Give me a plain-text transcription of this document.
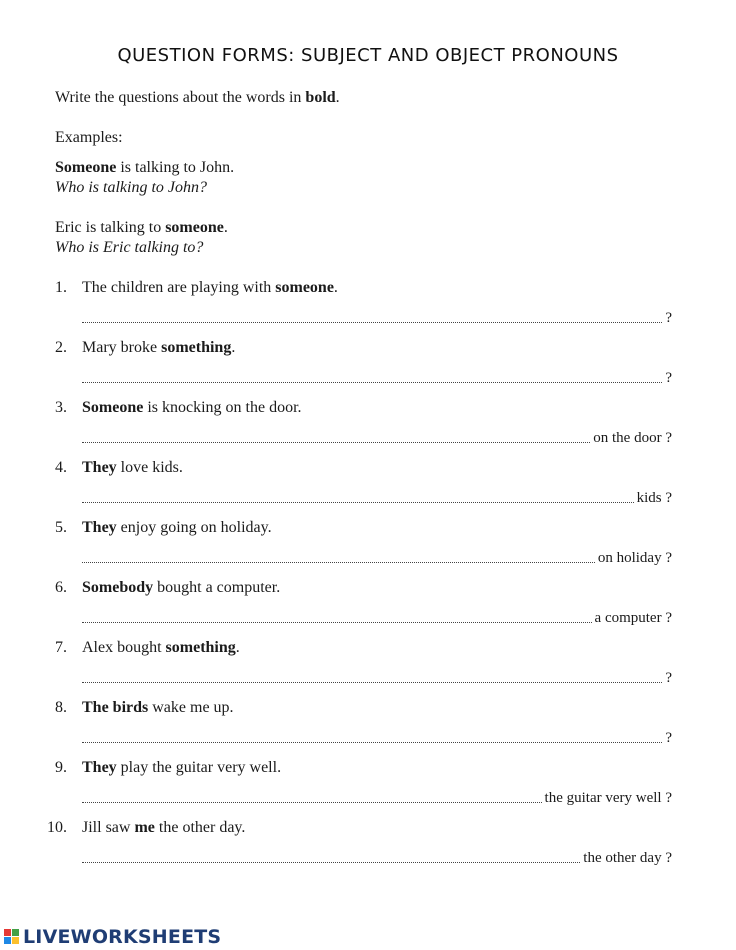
QUESTION FORMS: SUBJECT AND OBJECT PRONOUNS
Write the questions about the words in bold.
Examples:
Someone is talking to John.
Who is talking to John?
Eric is talking to someone.
Who is Eric talking to?
1. The children are playing with someone.
?
2. Mary broke something.
?
3. Someone is knocking on the door.
on the door ?
4. They love kids.
kids ?
5. They enjoy going on holiday.
on holiday ?
6. Somebody bought a computer.
a computer ?
7. Alex bought something.
?
8. The birds wake me up.
?
9. They play the guitar very well.
the guitar very well ?
10. Jill saw me the other day.
the other day ?
LIVEWORKSHEETS
